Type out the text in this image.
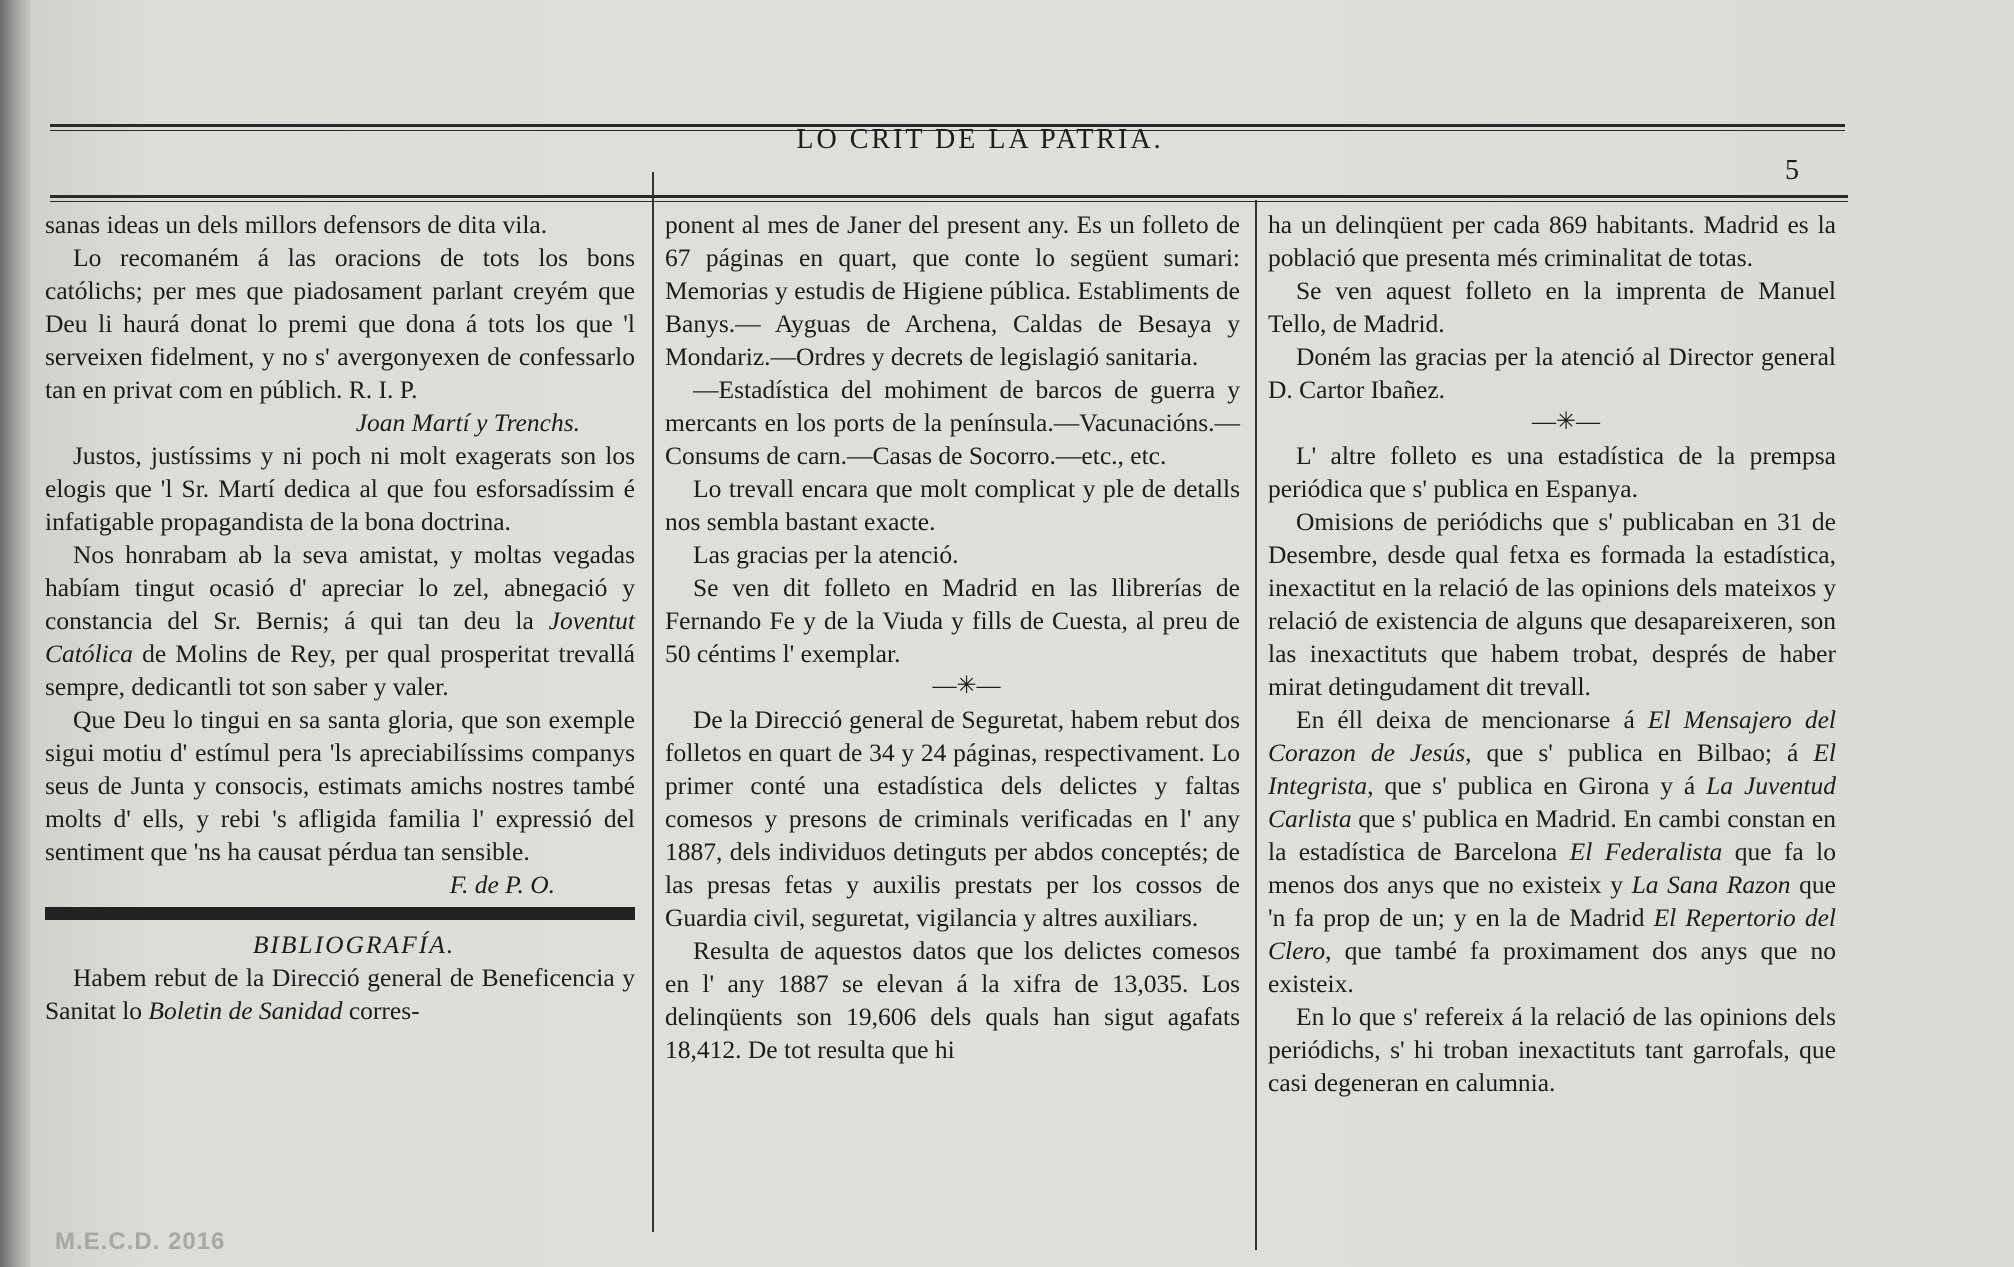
LO CRIT DE LA PATRIA.
5

sanas ideas un dels millors defensors de dita vila.

Lo recomaném á las oracions de tots los bons católichs; per mes que piadosament parlant creyém que Deu li haurá donat lo premi que dona á tots los que 'l serveixen fidelment, y no s' avergonyexen de confessarlo tan en privat com en públich. R. I. P.

Joan Martí y Trenchs.

Justos, justíssims y ni poch ni molt exagerats son los elogis que 'l Sr. Martí dedica al que fou esforsadíssim é infatigable propagandista de la bona doctrina.

Nos honrabam ab la seva amistat, y moltas vegadas habíam tingut ocasió d' apreciar lo zel, abnegació y constancia del Sr. Bernis; á qui tan deu la Joventut Católica de Molins de Rey, per qual prosperitat trevallá sempre, dedicantli tot son saber y valer.

Que Deu lo tingui en sa santa gloria, que son exemple sigui motiu d' estímul pera 'ls apreciabilíssims companys seus de Junta y consocis, estimats amichs nostres també molts d' ells, y rebi 's afligida familia l' expressió del sentiment que 'ns ha causat pérdua tan sensible.

F. de P. O.

BIBLIOGRAFÍA.

Habem rebut de la Direcció general de Beneficencia y Sanitat lo Boletin de Sanidad corres-

ponent al mes de Janer del present any. Es un folleto de 67 páginas en quart, que conte lo següent sumari: Memorias y estudis de Higiene pública. Establiments de Banys.— Ayguas de Archena, Caldas de Besaya y Mondariz.—Ordres y decrets de legislagió sanitaria.

—Estadística del mohiment de barcos de guerra y mercants en los ports de la península.—Vacunacións.—Consums de carn.—Casas de Socorro.—etc., etc.

Lo trevall encara que molt complicat y ple de detalls nos sembla bastant exacte.

Las gracias per la atenció.

Se ven dit folleto en Madrid en las llibrerías de Fernando Fe y de la Viuda y fills de Cuesta, al preu de 50 céntims l' exemplar.

—✳—

De la Direcció general de Seguretat, habem rebut dos folletos en quart de 34 y 24 páginas, respectivament. Lo primer conté una estadística dels delictes y faltas comesos y presons de criminals verificadas en l' any 1887, dels individuos detinguts per abdos conceptés; de las presas fetas y auxilis prestats per los cossos de Guardia civil, seguretat, vigilancia y altres auxiliars.

Resulta de aquestos datos que los delictes comesos en l' any 1887 se elevan á la xifra de 13,035. Los delinqüents son 19,606 dels quals han sigut agafats 18,412. De tot resulta que hi

ha un delinqüent per cada 869 habitants. Madrid es la població que presenta més criminalitat de totas.

Se ven aquest folleto en la imprenta de Manuel Tello, de Madrid.

Doném las gracias per la atenció al Director general D. Cartor Ibañez.

—✳—

L' altre folleto es una estadística de la prempsa periódica que s' publica en Espanya.

Omisions de periódichs que s' publicaban en 31 de Desembre, desde qual fetxa es formada la estadística, inexactitut en la relació de las opinions dels mateixos y relació de existencia de alguns que desapareixeren, son las inexactituts que habem trobat, després de haber mirat detingudament dit trevall.

En éll deixa de mencionarse á El Mensajero del Corazon de Jesús, que s' publica en Bilbao; á El Integrista, que s' publica en Girona y á La Juventud Carlista que s' publica en Madrid. En cambi constan en la estadística de Barcelona El Federalista que fa lo menos dos anys que no existeix y La Sana Razon que 'n fa prop de un; y en la de Madrid El Repertorio del Clero, que també fa proximament dos anys que no existeix.

En lo que s' refereix á la relació de las opinions dels periódichs, s' hi troban inexactituts tant garrofals, que casi degeneran en calumnia.

M.E.C.D. 2016
